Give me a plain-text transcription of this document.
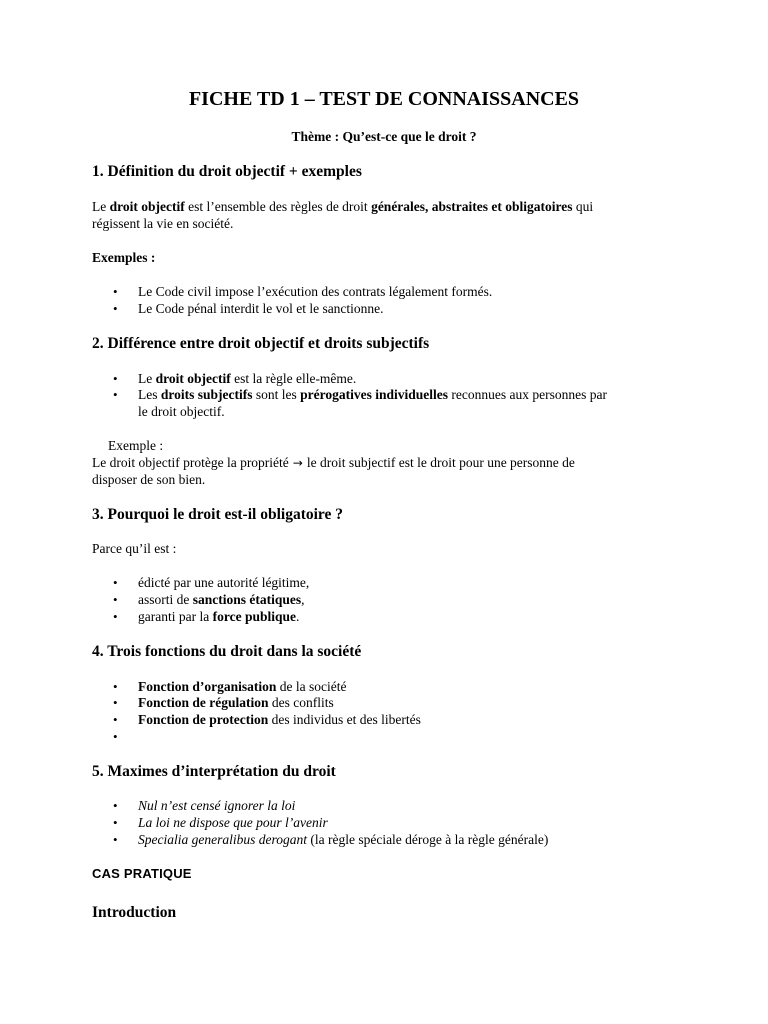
FICHE TD 1 – TEST DE CONNAISSANCES
Thème : Qu’est-ce que le droit ?
1. Définition du droit objectif + exemples
Le droit objectif est l’ensemble des règles de droit générales, abstraites et obligatoires qui
régissent la vie en société.
Exemples :
• Le Code civil impose l’exécution des contrats légalement formés.
• Le Code pénal interdit le vol et le sanctionne.
2. Différence entre droit objectif et droits subjectifs
• Le droit objectif est la règle elle-même.
• Les droits subjectifs sont les prérogatives individuelles reconnues aux personnes par
le droit objectif.
Exemple :
Le droit objectif protège la propriété → le droit subjectif est le droit pour une personne de
disposer de son bien.
3. Pourquoi le droit est-il obligatoire ?
Parce qu’il est :
• édicté par une autorité légitime,
• assorti de sanctions étatiques,
• garanti par la force publique.
4. Trois fonctions du droit dans la société
• Fonction d’organisation de la société
• Fonction de régulation des conflits
• Fonction de protection des individus et des libertés
•
5. Maximes d’interprétation du droit
• Nul n’est censé ignorer la loi
• La loi ne dispose que pour l’avenir
• Specialia generalibus derogant (la règle spéciale déroge à la règle générale)
CAS PRATIQUE
Introduction
